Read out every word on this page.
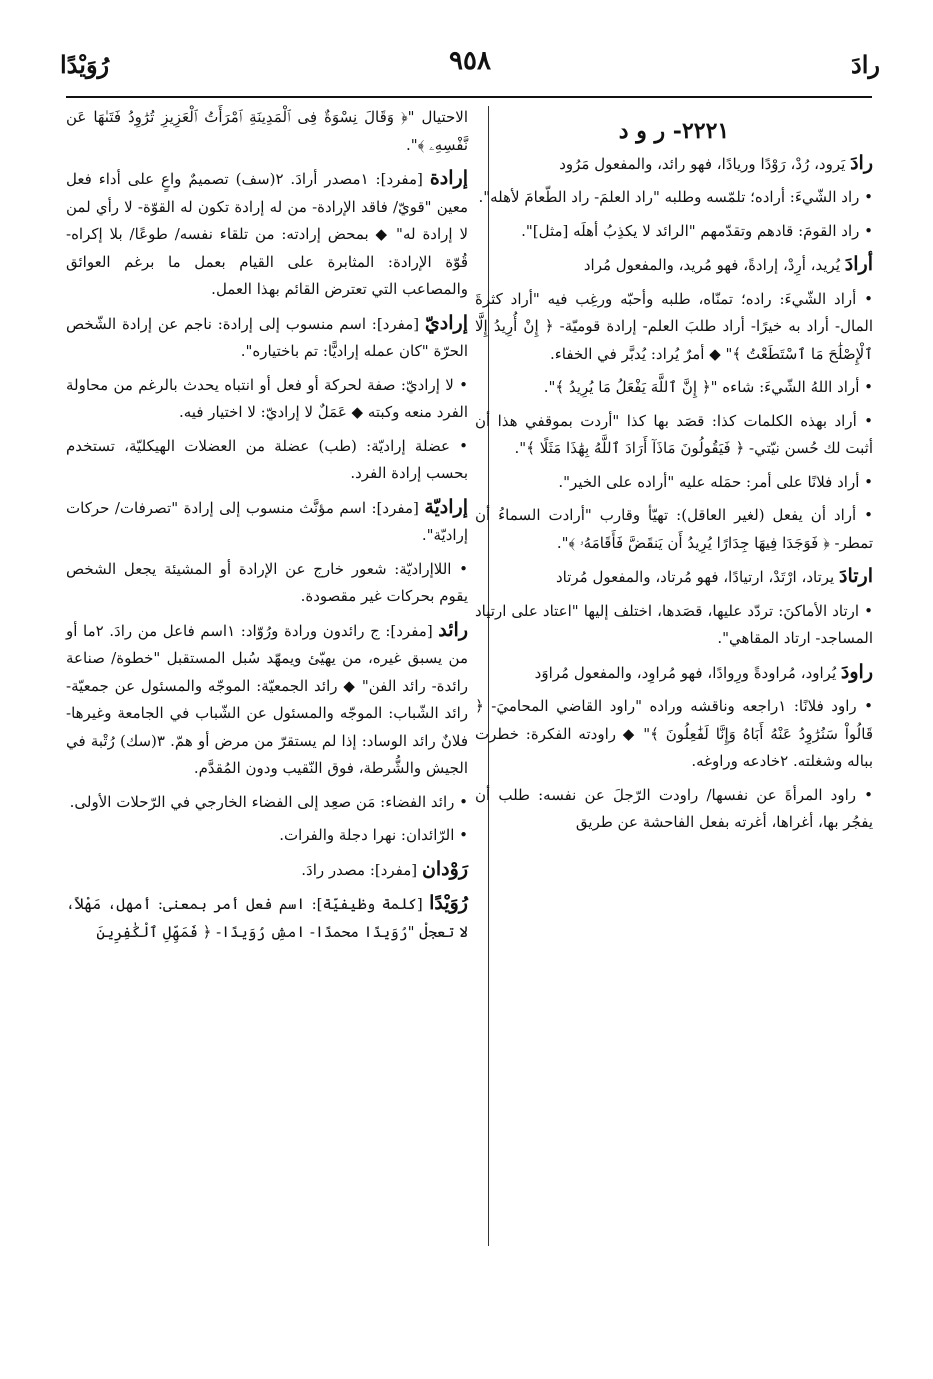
رادَ
٩٥٨
رُوَيْدًا
٢٢٢١- ر و د

رادَ يَرود، رُدْ، رَوْدًا وريادًا، فهو رائد، والمفعول مَرُود

• راد الشّيءَ: أراده؛ تلمّسه وطلبه "راد العلمَ- راد الطّعامَ لأهله".

• راد القومَ: قادهم وتقدّمهم "الرائد لا يكذِبُ أهلَه [مثل]".

أرادَ يُريد، أرِدْ، إرادةً، فهو مُريد، والمفعول مُراد

• أراد الشّيءَ: راده؛ تمنّاه، طلبه وأحبّه ورغِب فيه "أراد كثرةَ المال- أراد به خيرًا- أراد طلبَ العلم- إرادة قوميّة- ﴿ إِنْ أُرِيدُ إِلَّا ٱلْإِصْلَٰحَ مَا ٱسْتَطَعْتُ ﴾" ◆ أمرٌ يُراد: يُدبَّر في الخفاء.

• أراد اللهُ الشّيءَ: شاءه "﴿ إِنَّ ٱللَّهَ يَفْعَلُ مَا يُرِيدُ ﴾".

• أراد بهذه الكلمات كذا: قصَد بها كذا "أردت بموقفي هذا أن أثبت لك حُسن نيّتي- ﴿ فَيَقُولُونَ مَاذَآ أَرَادَ ٱللَّهُ بِهَٰذَا مَثَلًا ﴾".

• أراد فلانًا على أمر: حمَله عليه "أراده على الخير".

• أراد أن يفعل (لغير العاقل): تهيّأ وقارب "أرادت السماءُ أن تمطر- ﴿ فَوَجَدَا فِيهَا جِدَارًا يُرِيدُ أَن يَنقَضَّ فَأَقَامَهُۥ ﴾".

ارتادَ يرتاد، ارْتَدْ، ارتيادًا، فهو مُرتاد، والمفعول مُرتاد

• ارتاد الأماكنَ: تردّد عليها، قصَدها، اختلف إليها "اعتاد على ارتياد المساجد- ارتاد المقاهي".

راودَ يُراود، مُراودةً ورِوادًا، فهو مُراوِد، والمفعول مُراوَد

• راود فلانًا: ١راجعه وناقشه وراده "راود القاضي المحاميَ- ﴿ قَالُواْ سَنُرَٰوِدُ عَنْهُ أَبَاهُ وَإِنَّا لَفَٰعِلُونَ ﴾" ◆ راودته الفكرة: خطرت بباله وشغلته. ٢خادعه وراوغه.

• راود المرأةَ عن نفسها/ راودت الرّجلَ عن نفسه: طلب أن يفجُر بها، أغراها، أغرته بفعل الفاحشة عن طريق

الاحتيال "﴿ وَقَالَ نِسْوَةٌ فِى ٱلْمَدِينَةِ ٱمْرَأَتُ ٱلْعَزِيزِ تُرَٰوِدُ فَتَىٰهَا عَن نَّفْسِهِۦ ﴾".

إرادة [مفرد]: ١مصدر أرادَ. ٢(سف) تصميمٌ واعٍ على أداء فعل معين "قويّ/ فاقد الإرادة- من له إرادة تكون له القوّة- لا رأي لمن لا إرادة له" ◆ بمحض إرادته: من تلقاء نفسه/ طوعًا/ بلا إكراه- قُوّة الإرادة: المثابرة على القيام بعمل ما برغم العوائق والمصاعب التي تعترض القائم بهذا العمل.

إراديّ [مفرد]: اسم منسوب إلى إرادة: ناجم عن إرادة الشّخص الحرّة "كان عمله إراديًّا: تم باختياره".

• لا إراديّ: صفة لحركة أو فعل أو انتباه يحدث بالرغم من محاولة الفرد منعه وكبته ◆ عَمَلٌ لا إراديّ: لا اختيار فيه.

• عضلة إراديّة: (طب) عضلة من العضلات الهيكليّة، تستخدم بحسب إرادة الفرد.

إراديّة [مفرد]: اسم مؤنَّث منسوب إلى إرادة "تصرفات/ حركات إراديّة".

• اللاإراديّة: شعور خارج عن الإرادة أو المشيئة يجعل الشخص يقوم بحركات غير مقصودة.

رائد [مفرد]: ج رائدون ورادة ورُوّاد: ١اسم فاعل من رادَ. ٢ما أو من يسبق غيره، من يهيّئ ويمهّد سُبل المستقبل "خطوة/ صناعة رائدة- رائد الفن" ◆ رائد الجمعيّة: الموجّه والمسئول عن جمعيّة- رائد الشّباب: الموجّه والمسئول عن الشّباب في الجامعة وغيرها- فلانٌ رائد الوساد: إذا لم يستقرّ من مرض أو همّ. ٣(سك) رُتْبة في الجيش والشُّرطة، فوق النّقيب ودون المُقدَّم.

• رائد الفضاء: مَن صعِد إلى الفضاء الخارجي في الرّحلات الأولى.

• الرّائدان: نهرا دجلة والفرات.

رَوْدان [مفرد]: مصدر رادَ.

رُوَيْدًا [كلمة وظيفيّة]: اسم فعل أمر بمعنى: أمهل، مَهْلاً، لا تعجلْ "رُوَيدًا محمدًا- امشِ رُوَيدًا- ﴿ فَمَهِّلِ ٱلْكَٰفِرِينَ
